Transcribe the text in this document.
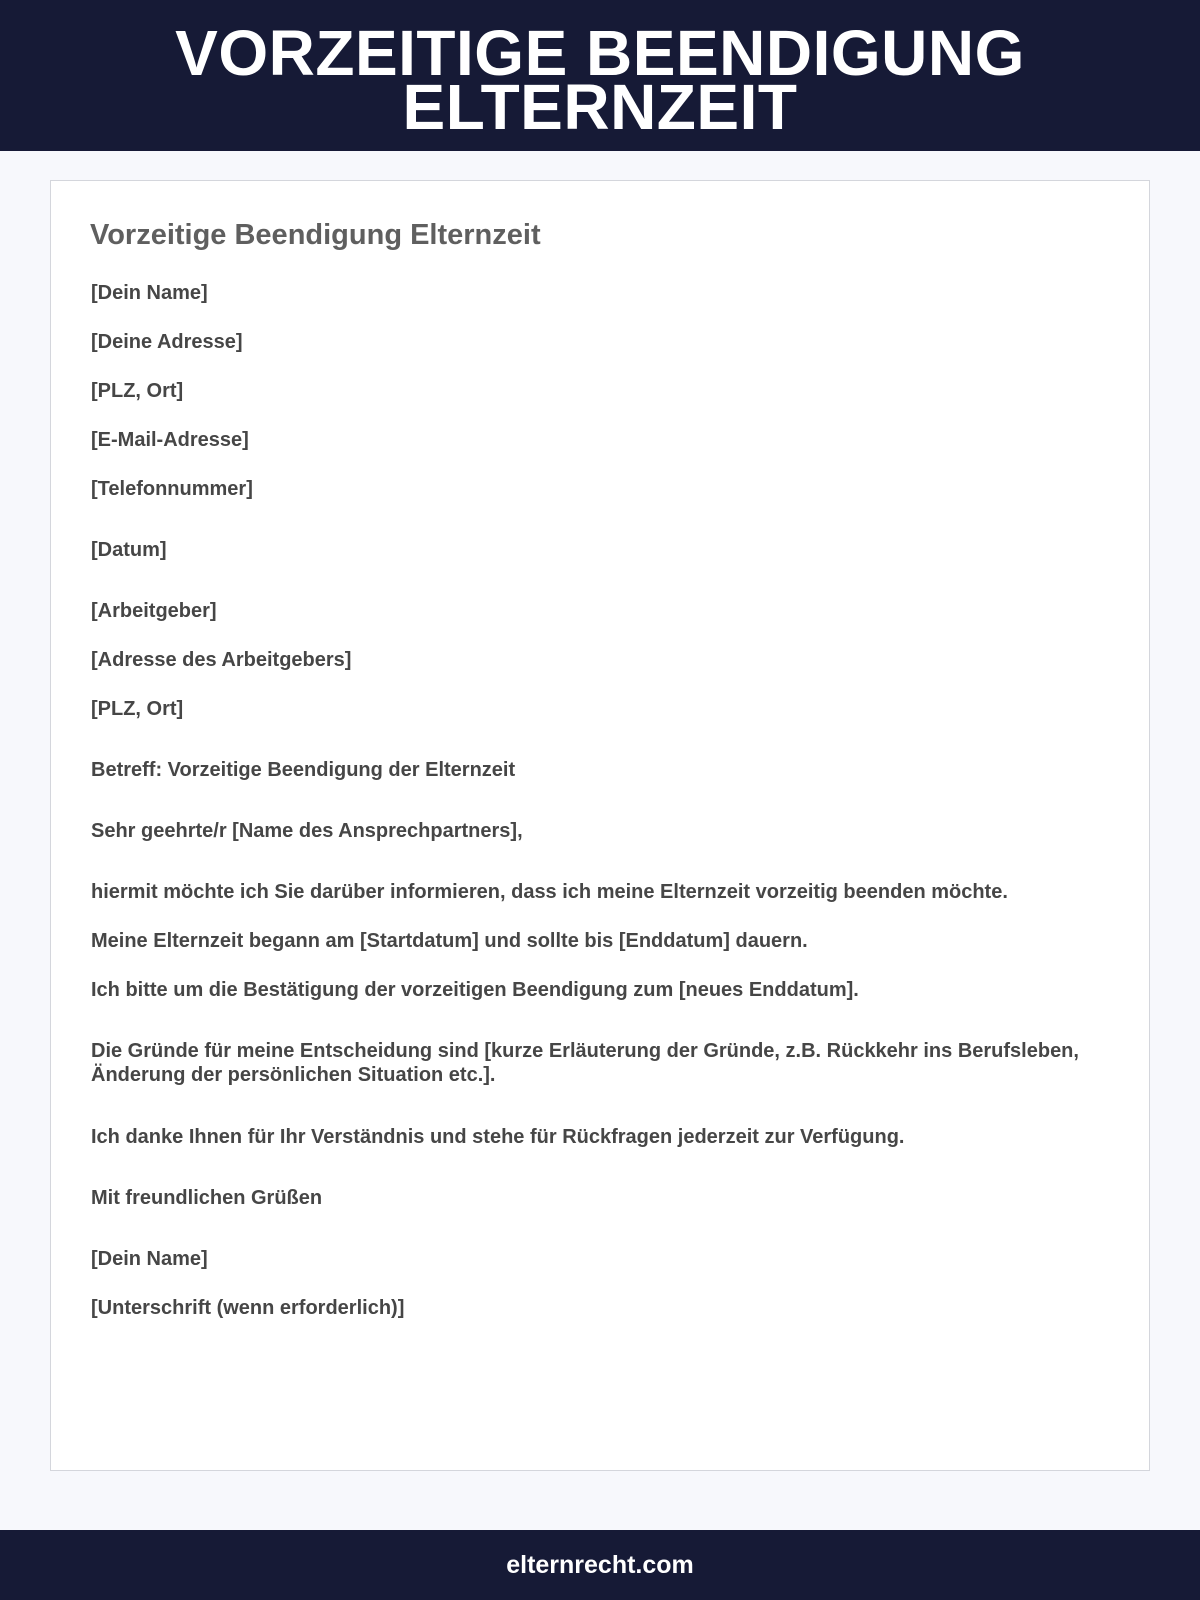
VORZEITIGE BEENDIGUNG ELTERNZEIT
Vorzeitige Beendigung Elternzeit
[Dein Name]
[Deine Adresse]
[PLZ, Ort]
[E-Mail-Adresse]
[Telefonnummer]
[Datum]
[Arbeitgeber]
[Adresse des Arbeitgebers]
[PLZ, Ort]
Betreff: Vorzeitige Beendigung der Elternzeit
Sehr geehrte/r [Name des Ansprechpartners],
hiermit möchte ich Sie darüber informieren, dass ich meine Elternzeit vorzeitig beenden möchte.
Meine Elternzeit begann am [Startdatum] und sollte bis [Enddatum] dauern.
Ich bitte um die Bestätigung der vorzeitigen Beendigung zum [neues Enddatum].
Die Gründe für meine Entscheidung sind [kurze Erläuterung der Gründe, z.B. Rückkehr ins Berufsleben, Änderung der persönlichen Situation etc.].
Ich danke Ihnen für Ihr Verständnis und stehe für Rückfragen jederzeit zur Verfügung.
Mit freundlichen Grüßen
[Dein Name]
[Unterschrift (wenn erforderlich)]
elternrecht.com
